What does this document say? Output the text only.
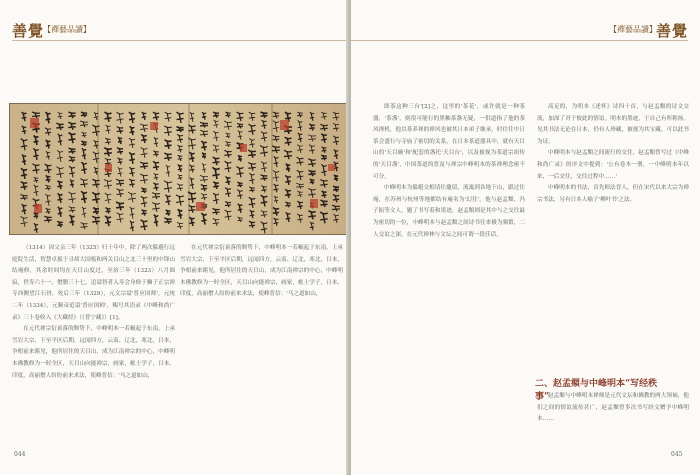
善覺
【禪藝品讀】

（1314）因父亲三年（1325）归十年中。除了两次躲避行远庭院生活，智慧卓拔于寻却大国板和两关目山之北三十里的中锋山结庵修，其余时间均在天目山度过，至治三年（1323）八月圆寂，世寿六十一，僧腊三十七。追谥智者入寿会身修于狮子正宗禅寺西侧望江石骨，死后三年（1329），元文宗谥'普应国师'，元统二年（1334），元顺帝追谥'普应国师'，赐号其语录《中峰和尚广录》三十卷收入《大藏经》（《普宁藏》）[1]。

在元代禅宗衍衰落的颓势下，中峰明本一若崛起于东南，上承雪岩大宗，下至平区后期，远闻四方，云南、辽北，寒北，日本，争相前来睹见，他所居住的天目山，成为江南禅宗的中心，中峰明本佛教修为一时全区，天目山向能禅宗，画家，帐士学子，日本、印度，高丽僧人纷纷前来求法，使峰普信：'马之道如山，

在元代禅宗衍衰落的颓势下，中峰明本一若崛起于东南，上承雪岩大宗，下至平区后期，远闻四方，云南、辽北，寒北，日本，争相前来睹见，他所居住的天目山，成为江南禅宗的中心，中峰明本佛教修为一时全区，天目山向能禅宗，画家，帐士学子，日本、印度，高丽僧人纷纷前来求法，使峰普信：'马之道如山，

044
【禪藝品讀】 善覺

即茶这种三台'[2]之，这里的'茶花'，或许就是一种茶器，'茶盏'，则很可能行的黑釉茶盏无疑，一供道指了他的茶风禅机，他以茶养禅的禅风也被其日本弟子继承，时往往中日茶会盛行与寺庙了密切的关系，在日本茶道器具中，就有天目山的'天目碗'和'配套的盏托'天目台'，以及被视为茶道宗祖传的'天目盏'，中国茶道的普及与禅宗中峰明本的茶禅理念密不可分。

中峰明本为躲避交相请往邀留，流寓到各地下山，跟过住庵，在苏州与杭州等地都结有庵名为'幻住'。他与赵孟頫、冯子振等文人，题了书写着和墨迹，赵孟頫则是其中与之交往最为密切的一位，中峰明本与赵孟頫之间诗书往来极为频繁，二人交谊之深，在元代禅林与文坛之间可谓一段佳话。

高足的，为明本《述怀》诗四十首，与赵孟頫的诗文交流，加深了对于彼此的情谊。明本的墨迹，于自己有所称扬。见其书法无论在日本，仍有人珍藏，被视为其宝藏，可以此书为证。

中峰明本与赵孟頫之间流行的交往，赵孟頫曾写过《中峰和尚广录》的序文中提到：'公有卷本一册，一中峰明本年以来，一后交往，交往过程中……'

中峰明本的书法，首先师法晋人，但在宋代以来大宗为禅宗书法，另有日本人喻子'柳叶书'之法。

045
二、赵孟頫与中峰明本“写经秩事”

赵孟頫与中峰明本禅师是元代文坛和佛教的两大领袖，他们之间的情谊流传甚广，赵孟頫曾多次书写经文赠予中峰明本……
